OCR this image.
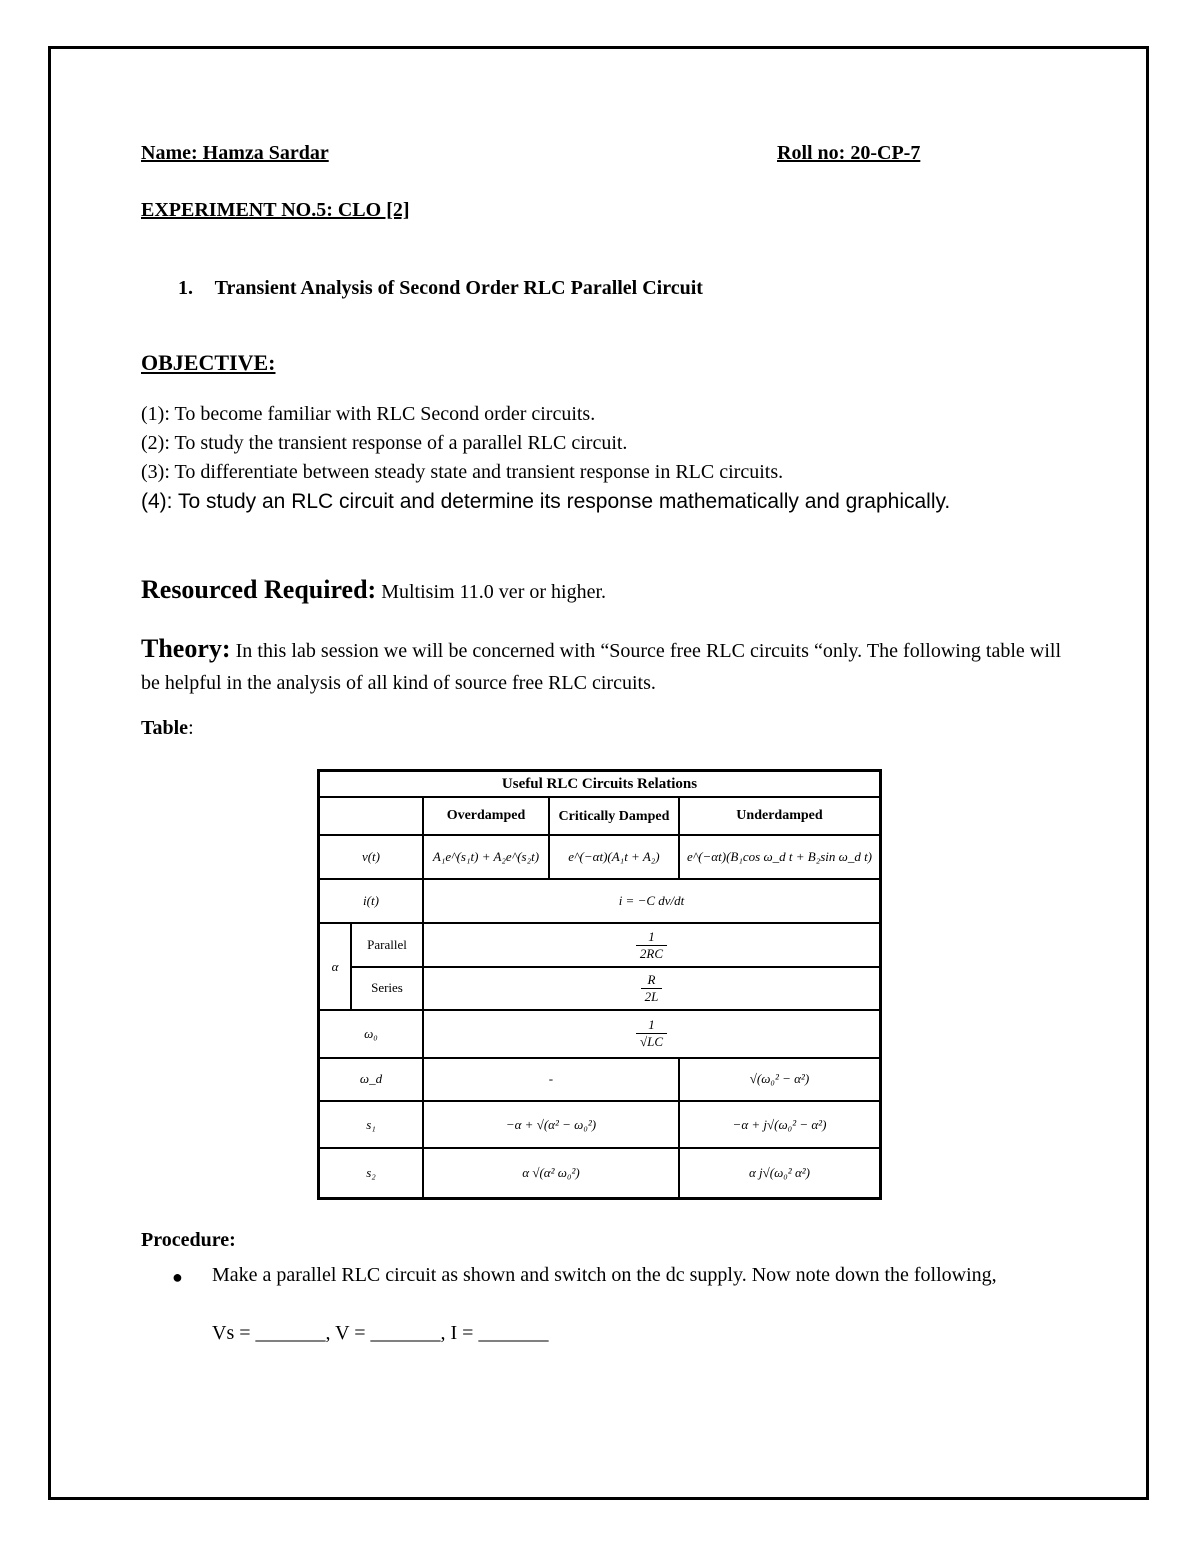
Name: Hamza Sardar	Roll no: 20-CP-7
EXPERIMENT NO.5: CLO [2]
1. Transient Analysis of Second Order RLC Parallel Circuit
OBJECTIVE:
(1): To become familiar with RLC Second order circuits.
(2): To study the transient response of a parallel RLC circuit.
(3): To differentiate between steady state and transient response in RLC circuits.
(4): To study an RLC circuit and determine its response mathematically and graphically.
Resourced Required: Multisim 11.0 ver or higher.
Theory: In this lab session we will be concerned with “Source free RLC circuits “only. The following table will be helpful in the analysis of all kind of source free RLC circuits.
Table:
Useful RLC Circuits Relations				
		Overdamped	Critically Damped	Underdamped
v(t)		A₁e^(s₁t) + A₂e^(s₂t)	e^(−αt)(A₁t + A₂)	e^(−αt)(B₁cos ω_d t + B₂sin ω_d t)
i(t)		i = −C dv/dt		
α	Parallel	$\frac{1}{2RC}$

	Series	$\frac{R}{2L}$

ω₀		$\frac{1}{√LC}$

ω_d		-		√(ω₀² − α²)
s₁		−α + √(α² − ω₀²)		−α + j√(ω₀² − α²)
s₂		α √(α² ω₀²)		α j√(ω₀² α²)
Procedure:
● Make a parallel RLC circuit as shown and switch on the dc supply. Now note down the following,
Vs = _______, V = _______, I = _______
